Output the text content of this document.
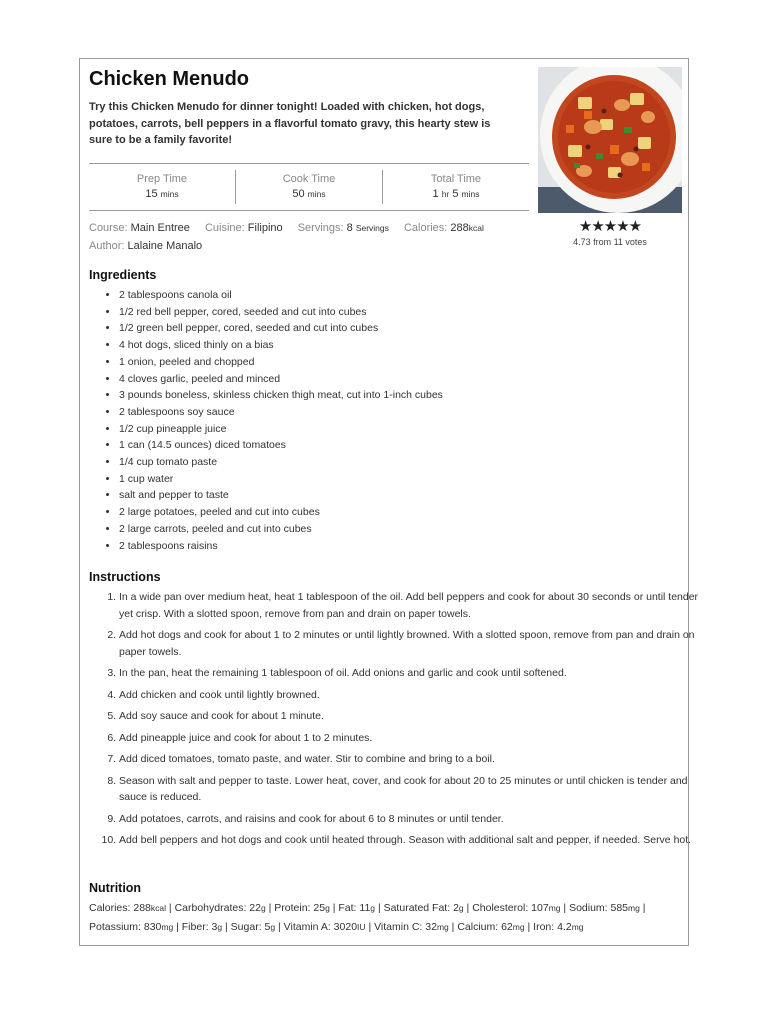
Chicken Menudo

Try this Chicken Menudo for dinner tonight! Loaded with chicken, hot dogs, potatoes, carrots, bell peppers in a flavorful tomato gravy, this hearty stew is sure to be a family favorite!

★★★★★
4.73 from 11 votes
Prep Time
15 mins
Cook Time
50 mins
Total Time
1 hr 5 mins
Course: Main Entree Cuisine: Filipino Servings: 8 Servings Calories: 288kcal
Author: Lalaine Manalo
Ingredients
• 2 tablespoons canola oil
• 1/2 red bell pepper, cored, seeded and cut into cubes
• 1/2 green bell pepper, cored, seeded and cut into cubes
• 4 hot dogs, sliced thinly on a bias
• 1 onion, peeled and chopped
• 4 cloves garlic, peeled and minced
• 3 pounds boneless, skinless chicken thigh meat, cut into 1-inch cubes
• 2 tablespoons soy sauce
• 1/2 cup pineapple juice
• 1 can (14.5 ounces) diced tomatoes
• 1/4 cup tomato paste
• 1 cup water
• salt and pepper to taste
• 2 large potatoes, peeled and cut into cubes
• 2 large carrots, peeled and cut into cubes
• 2 tablespoons raisins
Instructions
1. In a wide pan over medium heat, heat 1 tablespoon of the oil. Add bell peppers and cook for about 30 seconds or until tender yet crisp. With a slotted spoon, remove from pan and drain on paper towels.
2. Add hot dogs and cook for about 1 to 2 minutes or until lightly browned. With a slotted spoon, remove from pan and drain on paper towels.
3. In the pan, heat the remaining 1 tablespoon of oil. Add onions and garlic and cook until softened.
4. Add chicken and cook until lightly browned.
5. Add soy sauce and cook for about 1 minute.
6. Add pineapple juice and cook for about 1 to 2 minutes.
7. Add diced tomatoes, tomato paste, and water. Stir to combine and bring to a boil.
8. Season with salt and pepper to taste. Lower heat, cover, and cook for about 20 to 25 minutes or until chicken is tender and sauce is reduced.
9. Add potatoes, carrots, and raisins and cook for about 6 to 8 minutes or until tender.
10. Add bell peppers and hot dogs and cook until heated through. Season with additional salt and pepper, if needed. Serve hot.
Nutrition

Calories: 288kcal | Carbohydrates: 22g | Protein: 25g | Fat: 11g | Saturated Fat: 2g | Cholesterol: 107mg | Sodium: 585mg | Potassium: 830mg | Fiber: 3g | Sugar: 5g | Vitamin A: 3020IU | Vitamin C: 32mg | Calcium: 62mg | Iron: 4.2mg
